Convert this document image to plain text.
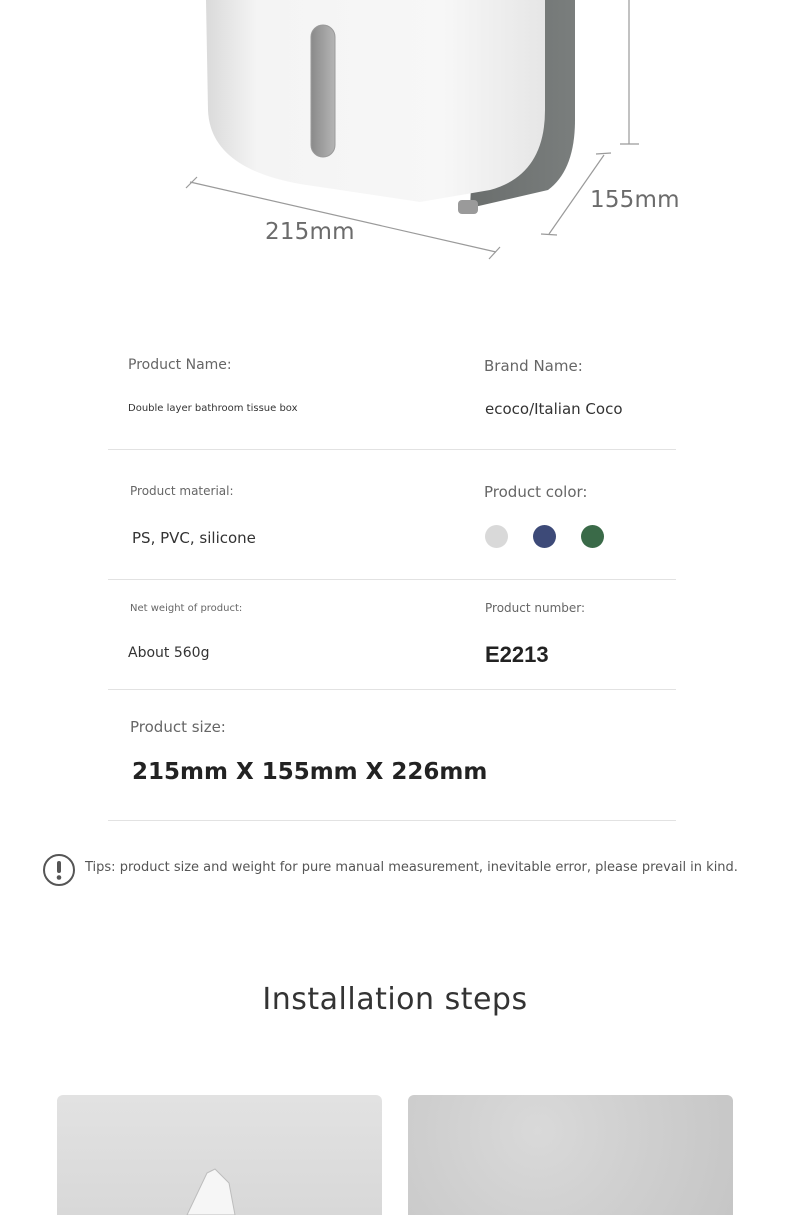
215mm
155mm
Product Name:
Double layer bathroom tissue box
Brand Name:
ecoco/Italian Coco
Product material:
PS, PVC, silicone
Product color:
Net weight of product:
About 560g
Product number:
E2213
Product size:
215mm X 155mm X 226mm
Tips: product size and weight for pure manual measurement, inevitable error, please prevail in kind.
Installation steps
